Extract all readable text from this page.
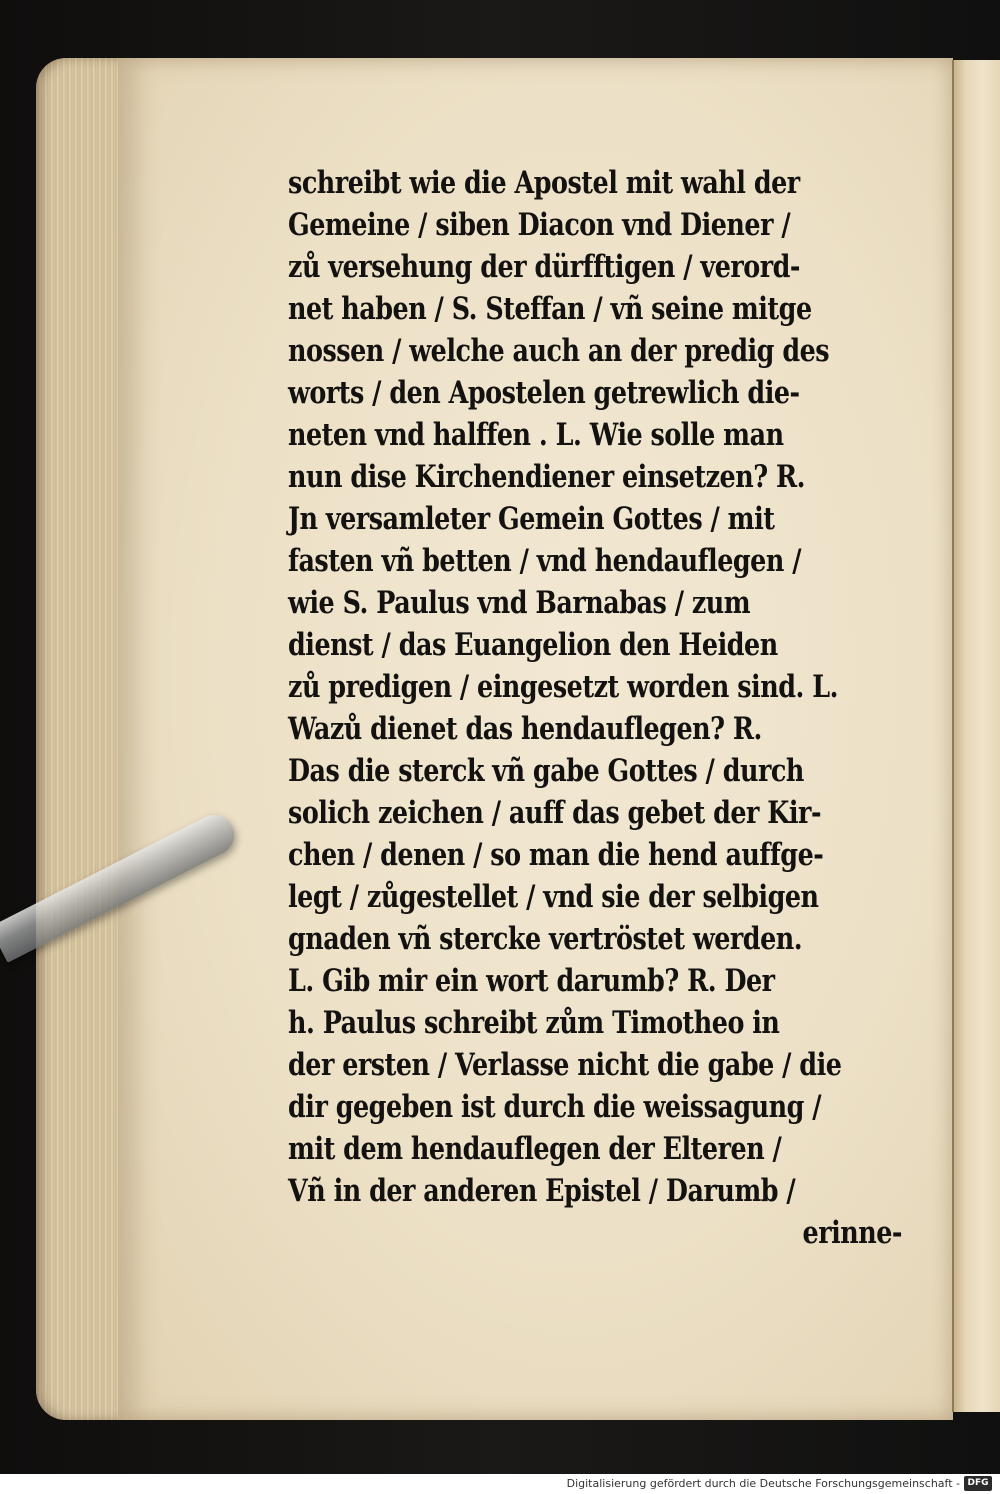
schreibt wie die Apostel mit wahl der
Gemeine / siben Diacon vnd Diener /
zů versehung der dürfftigen / verord-
net haben / S. Steffan / vñ seine mitge
nossen / welche auch an der predig des
worts / den Apostelen getrewlich die-
neten vnd halffen . L. Wie solle man
nun dise Kirchendiener einsetzen? R.
Jn versamleter Gemein Gottes / mit
fasten vñ betten / vnd hendauflegen /
wie S. Paulus vnd Barnabas / zum
dienst / das Euangelion den Heiden
zů predigen / eingesetzt worden sind. L.
Wazů dienet das hendauflegen? R.
Das die sterck vñ gabe Gottes / durch
solich zeichen / auff das gebet der Kir-
chen / denen / so man die hend auffge-
legt / zůgestellet / vnd sie der selbigen
gnaden vñ stercke vertröstet werden.
L. Gib mir ein wort darumb? R. Der
h. Paulus schreibt zům Timotheo in
der ersten / Verlasse nicht die gabe / die
dir gegeben ist durch die weissagung /
mit dem hendauflegen der Elteren /
Vñ in der anderen Epistel / Darumb /
erinne-
Digitalisierung gefördert durch die Deutsche Forschungsgemeinschaft - DFG
